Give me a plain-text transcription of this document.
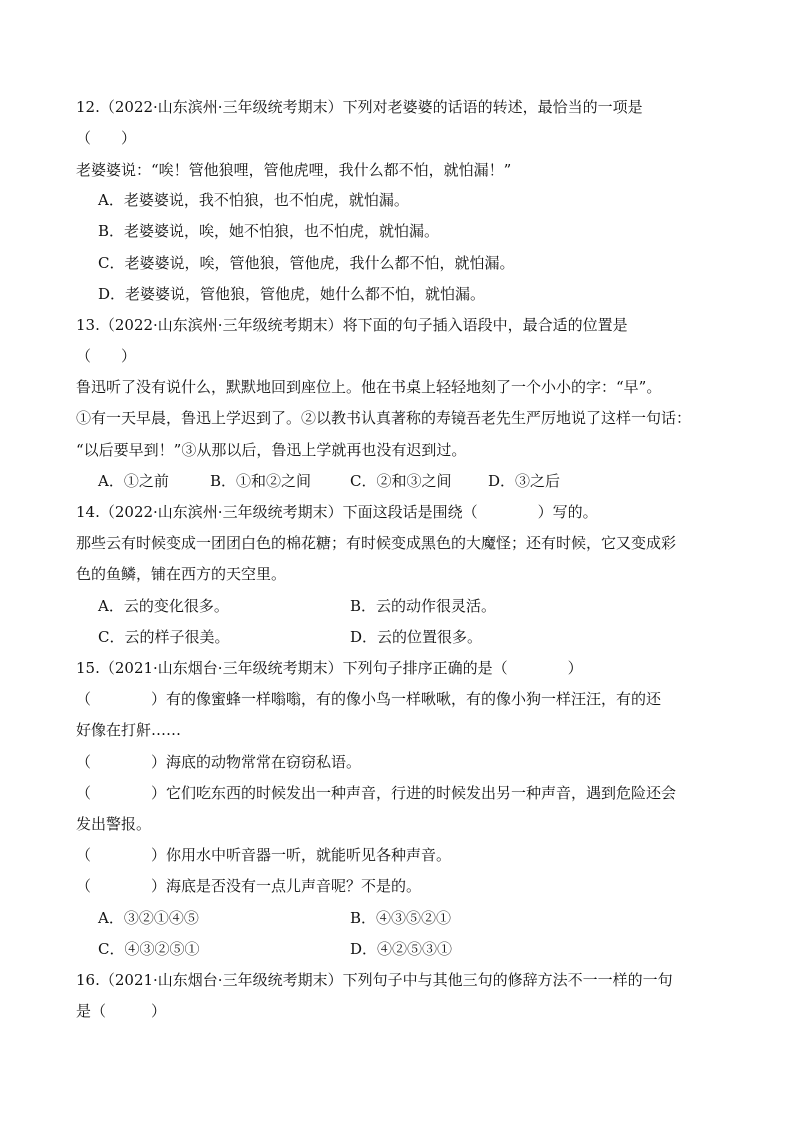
12.（2022·山东滨州·三年级统考期末）下列对老婆婆的话语的转述，最恰当的一项是
（　　）
老婆婆说：“唉！管他狼哩，管他虎哩，我什么都不怕，就怕漏！”
A．老婆婆说，我不怕狼，也不怕虎，就怕漏。
B．老婆婆说，唉，她不怕狼，也不怕虎，就怕漏。
C．老婆婆说，唉，管他狼，管他虎，我什么都不怕，就怕漏。
D．老婆婆说，管他狼，管他虎，她什么都不怕，就怕漏。
13.（2022·山东滨州·三年级统考期末）将下面的句子插入语段中，最合适的位置是
（　　）
鲁迅听了没有说什么，默默地回到座位上。他在书桌上轻轻地刻了一个小小的字：“早”。
①有一天早晨，鲁迅上学迟到了。②以教书认真著称的寿镜吾老先生严厉地说了这样一句话：
“以后要早到！”③从那以后，鲁迅上学就再也没有迟到过。
A．①之前	B．①和②之间	C．②和③之间 D．③之后
14.（2022·山东滨州·三年级统考期末）下面这段话是围绕（　　　　）写的。
那些云有时候变成一团团白色的棉花糖；有时候变成黑色的大魔怪；还有时候，它又变成彩
色的鱼鳞，铺在西方的天空里。
A．云的变化很多。	B．云的动作很灵活。
C．云的样子很美。	D．云的位置很多。
15.（2021·山东烟台·三年级统考期末）下列句子排序正确的是（　　　　）
（　　　　）有的像蜜蜂一样嗡嗡，有的像小鸟一样啾啾，有的像小狗一样汪汪，有的还
好像在打鼾……
（　　　　）海底的动物常常在窃窃私语。
（　　　　）它们吃东西的时候发出一种声音，行进的时候发出另一种声音，遇到危险还会
发出警报。
（　　　　）你用水中听音器一听，就能听见各种声音。
（　　　　）海底是否没有一点儿声音呢？不是的。
A．③②①④⑤	B．④③⑤②①
C．④③②⑤①	D．④②⑤③①
16.（2021·山东烟台·三年级统考期末）下列句子中与其他三句的修辞方法不一一样的一句
是（　　　）
